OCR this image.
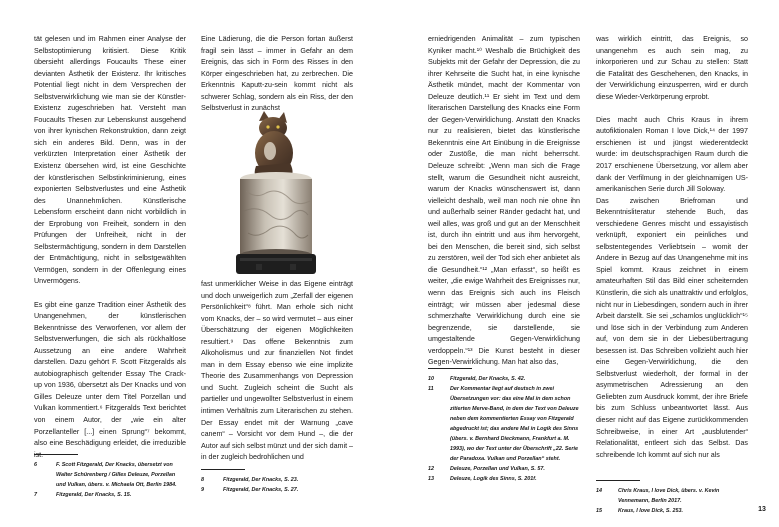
tät gelesen und im Rahmen einer Analyse der Selbstoptimierung kritisiert. Diese Kritik übersieht allerdings Foucaults These einer devianten Ästhetik der Existenz. Ihr kritisches Potential liegt nicht in dem Versprechen der Selbstverwirklichung wie man sie der Künstler-Existenz zugeschrieben hat. Versteht man Foucaults Thesen zur Lebenskunst ausgehend von ihrer kynischen Rekonstruktion, dann zeigt sich ein anderes Bild. Denn, was in der verkürzten Interpretation einer Ästhetik der Existenz übersehen wird, ist eine Geschichte der künstlerischen Selbstinkriminierung, eines exponierten Selbstverlustes und eine Ästhetik des Unannehmlichen. Künstlerische Lebensform erscheint dann nicht vorbildlich in der Erprobung von Freiheit, sondern in den Prüfungen der Unfreiheit, nicht in der Selbstermächtigung, sondern in dem Darstellen der Entmächtigung, nicht in selbstgewählten Vermögen, sondern in der Offenlegung eines Unvermögens.

Es gibt eine ganze Tradition einer Ästhetik des Unangenehmen, der künstlerischen Bekenntnisse des Verworfenen, vor allem der Selbstverwerfungen, die sich als rückhaltlose Aussetzung an eine andere Wahrheit darstellen. Dazu gehört F. Scott Fitzgeralds als autobiographisch geltender Essay The Crack-up von 1936, übersetzt als Der Knacks und von Gilles Deleuze unter dem Titel Porzellan und Vulkan kommentiert.⁶ Fitzgeralds Text berichtet von einem Autor, der „wie ein alter Porzellanteller [...] einen Sprung“⁷ bekommt, also eine Beschädigung erleidet, die irreduzible ist.

6	F. Scott Fitzgerald, Der Knacks, übersetzt von Walter Schürenberg / Gilles Deleuze, Porzellan und Vulkan, übers. v. Michaela Ott, Berlin 1984.
7	Fitzgerald, Der Knacks, S. 15.

Eine Lädierung, die die Person fortan äußerst fragil sein lässt – immer in Gefahr an dem Ereignis, das sich in Form des Risses in den Körper eingeschrieben hat, zu zerbrechen. Die Erkenntnis Kaputt-zu-sein kommt nicht als schwerer Schlag, sondern als ein Riss, der den Selbstverlust in zunächst

fast unmerklicher Weise in das Eigene einträgt und doch unweigerlich zum „Zerfall der eigenen Persönlichkeit“⁸ führt. Man erhole sich nicht vom Knacks, der – so wird vermutet – aus einer Überschätzung der eigenen Möglichkeiten resultiert.⁹ Das offene Bekenntnis zum Alkoholismus und zur finanziellen Not findet man in dem Essay ebenso wie eine implizite Theorie des Zusammenhangs von Depression und Sucht. Zugleich scheint die Sucht als partieller und ungewollter Selbstverlust in einem intimen Verhältnis zum Literarischen zu stehen. Der Essay endet mit der Warnung „cave canem“ – Vorsicht vor dem Hund –, die der Autor auf sich selbst münzt und der sich damit – in der zugleich bedrohlichen und

8	Fitzgerald, Der Knacks, S. 23.
9	Fitzgerald, Der Knacks, S. 27.

erniedrigenden Animalität – zum typischen Kyniker macht.¹⁰ Weshalb die Brüchigkeit des Subjekts mit der Gefahr der Depression, die zu ihrer Kehrseite die Sucht hat, in eine kynische Ästhetik mündet, macht der Kommentar von Deleuze deutlich.¹¹ Er sieht im Text und dem literarischen Darstellung des Knacks eine Form der Gegen-Verwirklichung. Anstatt den Knacks nur zu realisieren, bietet das künstlerische Bekenntnis eine Art Einübung in die Ereignisse oder Zustöße, die man nicht beherrscht. Deleuze schreibt: „Wenn man sich die Frage stellt, warum die Gesundheit nicht ausreicht, warum der Knacks wünschenswert ist, dann vielleicht deshalb, weil man noch nie ohne ihn und außerhalb seiner Ränder gedacht hat, und weil alles, was groß und gut an der Menschheit ist, durch ihn eintritt und aus ihm hervorgeht, bei den Menschen, die bereit sind, sich selbst zu zerstören, weil der Tod sich eher anbietet als die Gesundheit.“¹² „Man erfasst“, so heißt es weiter, „die ewige Wahrheit des Ereignisses nur, wenn das Ereignis sich auch ins Fleisch einträgt; wir müssen aber jedesmal diese schmerzhafte Verwirklichung durch eine sie begrenzende, sie darstellende, sie umgestaltende Gegen-Verwirklichung verdoppeln.“¹³ Die Kunst besteht in dieser Gegen-Verwirklichung. Man hat also das,

10	Fitzgerald, Der Knacks, S. 42.
11	Der Kommentar liegt auf deutsch in zwei Übersetzungen vor: das eine Mal in dem schon zitierten Merve-Band, in dem der Text von Deleuze neben dem kommentierten Essay von Fitzgerald abgedruckt ist; das andere Mal in Logik des Sinns (übers. v. Bernhard Dieckmann, Frankfurt a. M. 1993), wo der Text unter der Überschrift „22. Serie der Paradoxa. Vulkan und Porzellan“ steht.
12	Deleuze, Porzellan und Vulkan, S. 57.
13	Deleuze, Logik des Sinns, S. 201f.

was wirklich eintritt, das Ereignis, so unangenehm es auch sein mag, zu inkorporieren und zur Schau zu stellen: Statt die Fatalität des Geschehenen, den Knacks, in der Verwirklichung einzusperren, wird er durch diese Wieder-Verkörperung erprobt.

Dies macht auch Chris Kraus in ihrem autofiktionalen Roman I love Dick,¹⁴ der 1997 erschienen ist und jüngst wiederentdeckt wurde: im deutschsprachigen Raum durch die 2017 erschienene Übersetzung, vor allem aber dank der Verfilmung in der gleichnamigen US-amerikanischen Serie durch Jill Soloway.

Das zwischen Briefroman und Bekenntnisliteratur stehende Buch, das verschiedene Genres mischt und essayistisch verknüpft, exponiert ein peinliches und selbstentegendes Verliebtsein – womit der Andere in Bezug auf das Unangenehme mit ins Spiel kommt. Kraus zeichnet in einem amateurhaften Stil das Bild einer scheiternden Künstlerin, die sich als unattraktiv und erfolglos, nicht nur in Liebesdingen, sondern auch in ihrer Arbeit darstellt. Sie sei „schamlos unglücklich“¹⁵ und löse sich in der Verbindung zum Anderen auf, von dem sie in der Liebesübertragung besessen ist. Das Schreiben vollzieht auch hier eine Gegen-Verwirklichung, die den Selbstverlust wiederholt, der formal in der asymmetrischen Adressierung an den Geliebten zum Ausdruck kommt, der ihre Briefe bis zum Schluss unbeantwortet lässt. Aus dieser nicht auf das Eigene zurückkommenden Schreibweise, in einer Art „ausblutender“ Relationalität, entleert sich das Selbst. Das schreibende Ich kommt auf sich nur als

14	Chris Kraus, I love Dick, übers. v. Kevin Vennemann, Berlin 2017.
15	Kraus, I love Dick, S. 253.	13
